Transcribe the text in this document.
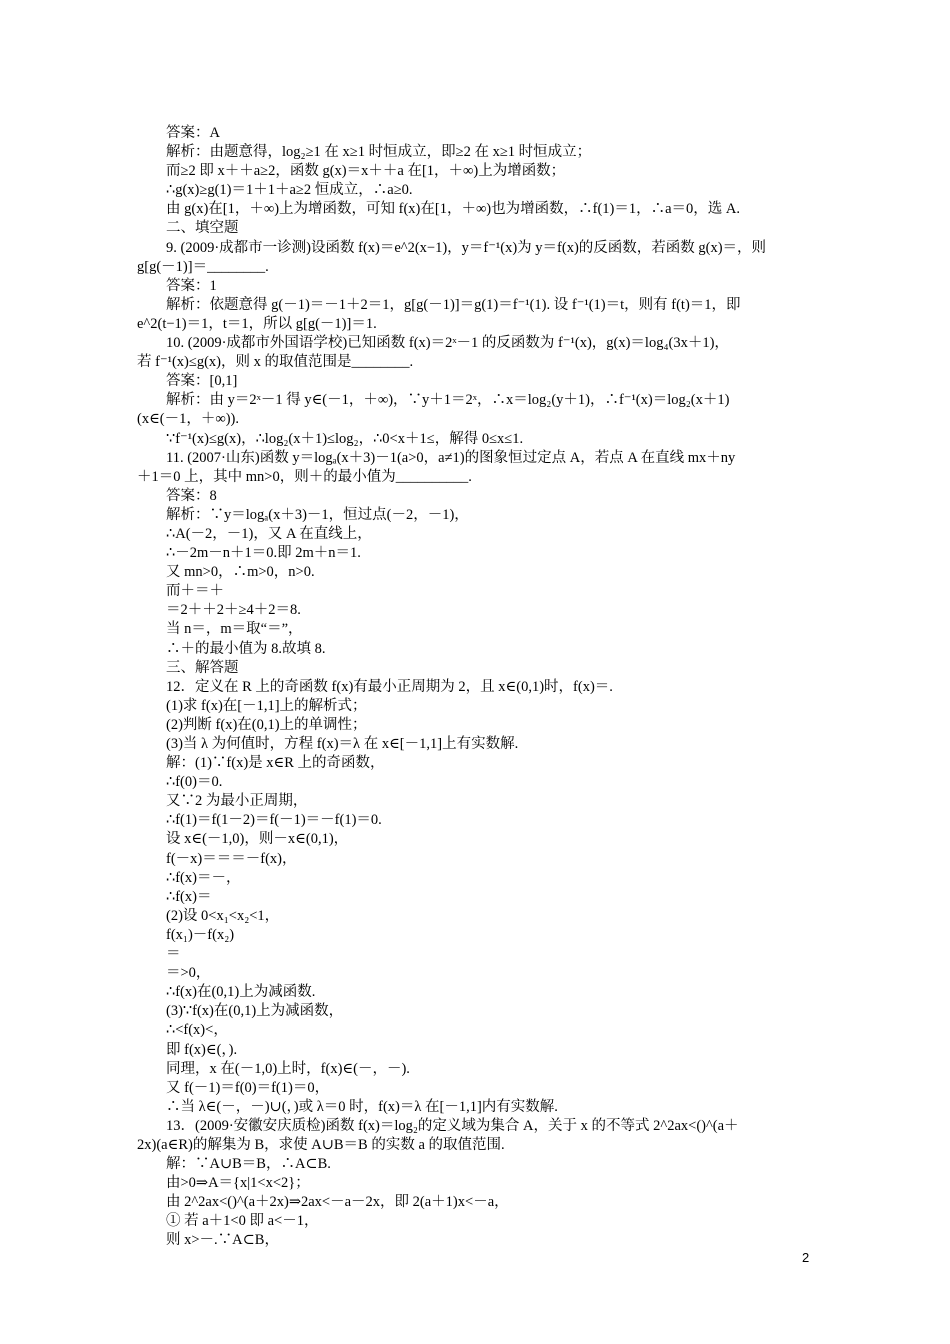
答案：A

解析：由题意得，log₂≥1 在 x≥1 时恒成立，即≥2 在 x≥1 时恒成立；

而≥2 即 x＋＋a≥2，函数 g(x)＝x＋＋a 在[1，＋∞)上为增函数；

∴g(x)≥g(1)＝1＋1＋a≥2 恒成立，∴a≥0.

由 g(x)在[1，＋∞)上为增函数，可知 f(x)在[1，＋∞)也为增函数，∴f(1)＝1，∴a＝0，选 A.

二、填空题

9. (2009·成都市一诊测)设函数 f(x)＝e^2(x−1)，y＝f⁻¹(x)为 y＝f(x)的反函数，若函数 g(x)＝，则

g[g(－1)]＝________.

答案：1

解析：依题意得 g(－1)＝－1＋2＝1，g[g(－1)]＝g(1)＝f⁻¹(1). 设 f⁻¹(1)＝t，则有 f(t)＝1，即

e^2(t−1)＝1，t＝1，所以 g[g(－1)]＝1.

10. (2009·成都市外国语学校)已知函数 f(x)＝2ˣ－1 的反函数为 f⁻¹(x)，g(x)＝log₄(3x＋1)，

若 f⁻¹(x)≤g(x)，则 x 的取值范围是________.

答案：[0,1]

解析：由 y＝2ˣ－1 得 y∈(－1，＋∞)，∵y＋1＝2ˣ，∴x＝log₂(y＋1)，∴f⁻¹(x)＝log₂(x＋1)

(x∈(－1，＋∞)).

∵f⁻¹(x)≤g(x)，∴log₂(x＋1)≤log₂，∴0<x＋1≤，解得 0≤x≤1.

11. (2007·山东)函数 y＝logₐ(x＋3)－1(a>0，a≠1)的图象恒过定点 A，若点 A 在直线 mx＋ny

＋1＝0 上，其中 mn>0，则＋的最小值为__________.

答案：8

解析：∵y＝logₐ(x＋3)－1，恒过点(－2，－1)，

∴A(－2，－1)，又 A 在直线上，

∴－2m－n＋1＝0.即 2m＋n＝1.

又 mn>0，∴m>0，n>0.

而＋＝＋

＝2＋＋2＋≥4＋2＝8.

当 n＝，m＝取“＝”，

∴＋的最小值为 8.故填 8.

三、解答题

12．定义在 R 上的奇函数 f(x)有最小正周期为 2，且 x∈(0,1)时，f(x)＝.

(1)求 f(x)在[－1,1]上的解析式；

(2)判断 f(x)在(0,1)上的单调性；

(3)当 λ 为何值时，方程 f(x)＝λ 在 x∈[－1,1]上有实数解.

解：(1)∵f(x)是 x∈R 上的奇函数，

∴f(0)＝0.

又∵2 为最小正周期，

∴f(1)＝f(1－2)＝f(－1)＝－f(1)＝0.

设 x∈(－1,0)，则－x∈(0,1)，

f(－x)＝＝＝－f(x)，

∴f(x)＝－，

∴f(x)＝

(2)设 0<x₁<x₂<1，

f(x₁)－f(x₂)

＝

＝>0，

∴f(x)在(0,1)上为减函数.

(3)∵f(x)在(0,1)上为减函数，

∴<f(x)<，

即 f(x)∈(，).

同理，x 在(－1,0)上时，f(x)∈(－，－).

又 f(－1)＝f(0)＝f(1)＝0，

∴当 λ∈(－，－)∪(，)或 λ＝0 时，f(x)＝λ 在[－1,1]内有实数解.

13．(2009·安徽安庆质检)函数 f(x)＝log₂的定义域为集合 A，关于 x 的不等式 2^2ax<()^(a＋

2x)(a∈R)的解集为 B，求使 A∪B＝B 的实数 a 的取值范围.

解：∵A∪B＝B，∴A⊂B.

由>0⇒A＝{x|1<x<2}；

由 2^2ax<()^(a＋2x)⇒2ax<－a－2x，即 2(a＋1)x<－a，

① 若 a＋1<0 即 a<－1，

则 x>－.∵A⊂B，

2
